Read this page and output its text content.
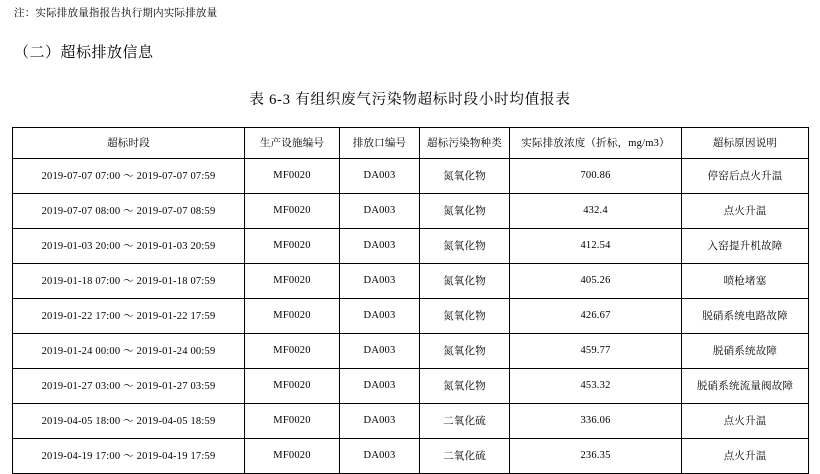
注：实际排放量指报告执行期内实际排放量
（二）超标排放信息
表 6-3 有组织废气污染物超标时段小时均值报表
超标时段	生产设施编号	排放口编号	超标污染物种类	实际排放浓度（折标，mg/m3）	超标原因说明
2019-07-07 07:00 ～ 2019-07-07 07:59	MF0020	DA003	氮氧化物	700.86	停窑后点火升温
2019-07-07 08:00 ～ 2019-07-07 08:59	MF0020	DA003	氮氧化物	432.4	点火升温
2019-01-03 20:00 ～ 2019-01-03 20:59	MF0020	DA003	氮氧化物	412.54	入窑提升机故障
2019-01-18 07:00 ～ 2019-01-18 07:59	MF0020	DA003	氮氧化物	405.26	喷枪堵塞
2019-01-22 17:00 ～ 2019-01-22 17:59	MF0020	DA003	氮氧化物	426.67	脱硝系统电路故障
2019-01-24 00:00 ～ 2019-01-24 00:59	MF0020	DA003	氮氧化物	459.77	脱硝系统故障
2019-01-27 03:00 ～ 2019-01-27 03:59	MF0020	DA003	氮氧化物	453.32	脱硝系统流量阀故障
2019-04-05 18:00 ～ 2019-04-05 18:59	MF0020	DA003	二氧化硫	336.06	点火升温
2019-04-19 17:00 ～ 2019-04-19 17:59	MF0020	DA003	二氧化硫	236.35	点火升温
